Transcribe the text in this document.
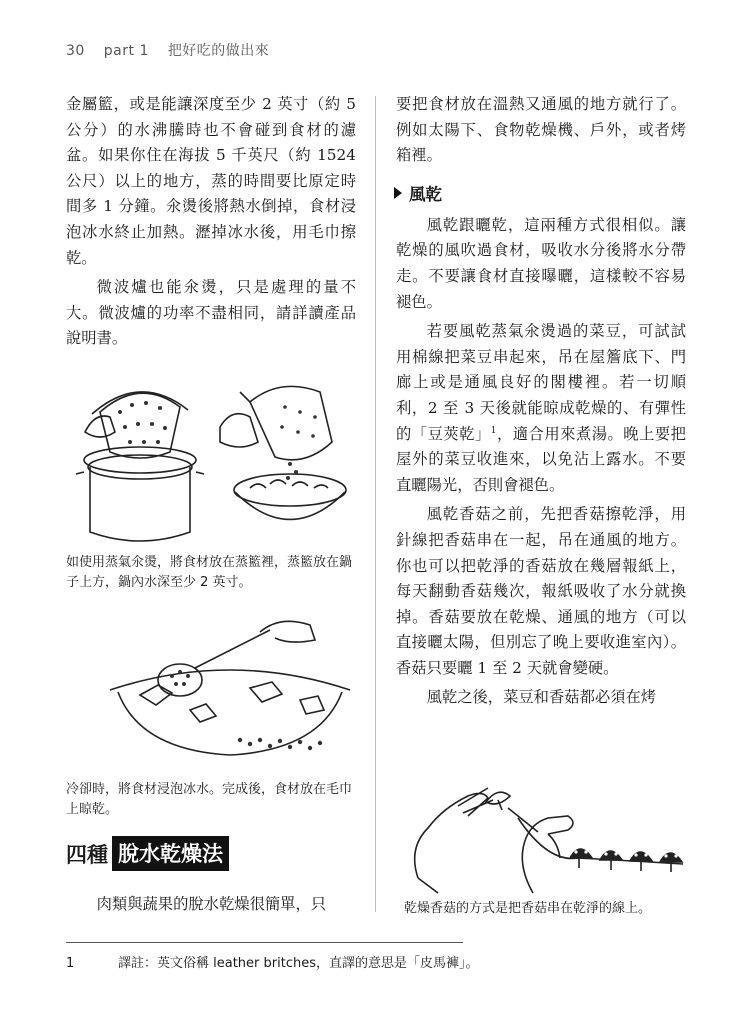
30 part 1 把好吃的做出來

金屬籃，或是能讓深度至少 2 英寸（約 5 公分）的水沸騰時也不會碰到食材的濾盆。如果你住在海拔 5 千英尺（約 1524 公尺）以上的地方，蒸的時間要比原定時間多 1 分鐘。氽燙後將熱水倒掉，食材浸泡冰水終止加熱。瀝掉冰水後，用毛巾擦乾。

微波爐也能氽燙，只是處理的量不大。微波爐的功率不盡相同，請詳讀產品說明書。

如使用蒸氣氽燙，將食材放在蒸籃裡，蒸籃放在鍋子上方，鍋內水深至少 2 英寸。
冷卻時，將食材浸泡冰水。完成後，食材放在毛巾上晾乾。
四種 脫水乾燥法

肉類與蔬果的脫水乾燥很簡單，只

要把食材放在溫熱又通風的地方就行了。例如太陽下、食物乾燥機、戶外，或者烤箱裡。

風乾

風乾跟曬乾，這兩種方式很相似。讓乾燥的風吹過食材，吸收水分後將水分帶走。不要讓食材直接曝曬，這樣較不容易褪色。

若要風乾蒸氣氽燙過的菜豆，可試試用棉線把菜豆串起來，吊在屋簷底下、門廊上或是通風良好的閣樓裡。若一切順利，2 至 3 天後就能晾成乾燥的、有彈性的「豆莢乾」$^1$，適合用來煮湯。晚上要把屋外的菜豆收進來，以免沾上露水。不要直曬陽光，否則會褪色。

風乾香菇之前，先把香菇擦乾淨，用針線把香菇串在一起，吊在通風的地方。你也可以把乾淨的香菇放在幾層報紙上，每天翻動香菇幾次，報紙吸收了水分就換掉。香菇要放在乾燥、通風的地方（可以直接曬太陽，但別忘了晚上要收進室內）。香菇只要曬 1 至 2 天就會變硬。

風乾之後，菜豆和香菇都必須在烤

乾燥香菇的方式是把香菇串在乾淨的線上。
1	譯註：英文俗稱 leather britches，直譯的意思是「皮馬褲」。
